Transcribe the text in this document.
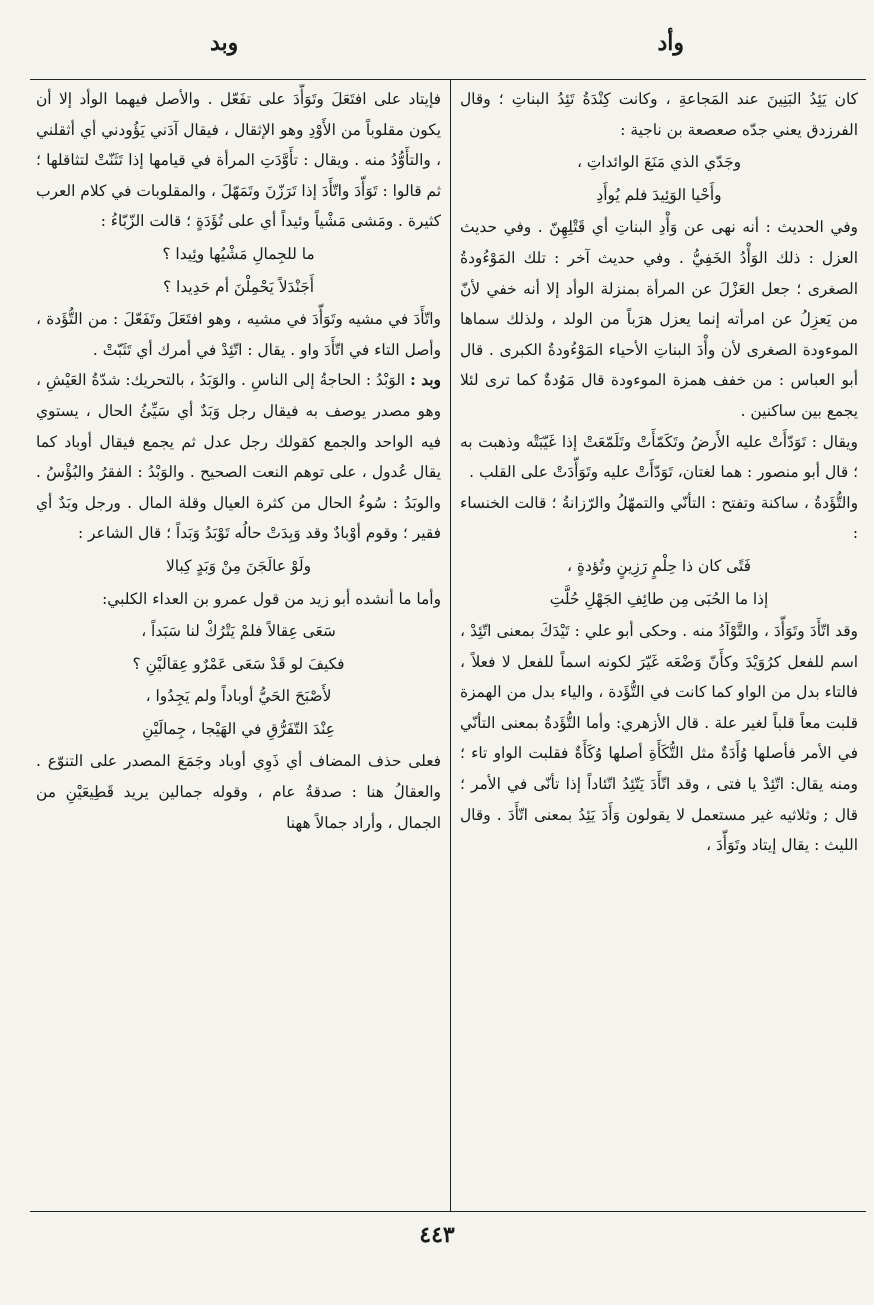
وأد
وبد
كان يَئِدُ البَنِينَ عند المَجاعةِ ، وكانت كِنْدَةُ تَئِدُ البناتِ ؛ وقال الفرزدق يعني جدّه صعصعة بن ناجية :
وجَدّي الذي مَنَعَ الوائداتِ ،
وأَحْيا الوَئِيدَ فلم يُوأَدِ
وفي الحديث : أنه نهى عن وَأْدِ البناتِ أي قَتْلِهِنّ . وفي حديث العزل : ذلك الوَأْدُ الخَفِيُّ . وفي حديث آخر : تلك المَوْءُودةُ الصغرى ؛ جعل العَزْلَ عن المرأة بمنزلة الوأد إلا أنه خفي لأنّ من يَعزِلُ عن امرأته إنما يعزل هرَباً من الولد ، ولذلك سماها الموءودة الصغرى لأن وأْدَ البناتِ الأحياء المَوْءُودةُ الكبرى . قال أبو العباس : من خفف همزة الموءودة قال مَوُدةٌ كما ترى لئلا يجمع بين ساكنين .
ويقال : تَوَدّأَتْ عليه الأَرضُ وتَكَمّأَتْ وتَلَمّعَتْ إذا غَيّبَتْه وذهبت به ؛ قال أبو منصور : هما لغتان، تَوَدّأَتْ عليه وتَوَأّدَتْ على القلب .
والتُّؤَدةُ ، ساكنة وتفتح : التأنّي والتمهّلُ والرّزانةُ ؛ قالت الخنساء :
فَتًى كان ذا حِلْمٍ رَزِينٍ وتُؤدةٍ ،
إذا ما الحُبَى مِن طائِفِ الجَهْلِ حُلَّتِ
وقد اتّأَدَ وتَوَأّدَ ، والتَّوْآدُ منه . وحكى أبو علي : تَيْدَكَ بمعنى اتّئِدْ ، اسم للفعل كرُوَيْدَ وكأَنّ وَضْعَه غَيّرَ لكونه اسماً للفعل لا فعلاً ، فالتاء بدل من الواو كما كانت في التُّؤَدة ، والياء بدل من الهمزة قلبت معاً قلباً لغير علة . قال الأزهري: وأما التُّؤَدةُ بمعنى التأنّي في الأمر فأصلها وُأَدَةٌ مثل التُّكَأَةِ أصلها وُكَأَةٌ فقلبت الواو تاء ؛ ومنه يقال: اتّئِدْ يا فتى ، وقد اتّأَدَ يَتّئِدُ اتّئاداً إذا تأنّى في الأمر ؛ قال ; وثلاثيه غير مستعمل لا يقولون وَأَدَ يَئِدُ بمعنى اتّأَدَ . وقال الليث : يقال إيتاد وتَوَأّدَ ،
فإيتاد على افتَعَلَ وتَوَأّدَ على تفَعّل . والأصل فيهما الوأد إلا أن يكون مقلوباً من الأَوْدِ وهو الإثقال ، فيقال آدَني يَؤُودني أي أثقلني ، والتأَوُّدُ منه . ويقال : تأَوَّدَتِ المرأة في قيامها إذا تَثَنّتْ لتثاقلها ؛ ثم قالوا : تَوَأّدَ واتّأَدَ إذا تَرَزّنَ وتَمَهّلَ ، والمقلوبات في كلام العرب كثيرة . ومَشى مَشْياً وئيداً أي على تُؤَدَةٍ ؛ قالت الزّبّاءُ :
ما للجِمالِ مَشْيُها وئِيدا ؟
أَجَنْدَلاً يَحْمِلْنَ أم حَدِيدا ؟
واتّأَدَ في مشيه وتَوَأّدَ في مشيه ، وهو افتَعَلَ وتَفَعّلَ : من التُّؤَدة ، وأصل التاء في اتّأَدَ واو . يقال : اتّئِدْ في أمرك أي تَثَبّتْ .
وبد : الوَبْدُ : الحاجةُ إلى الناسِ . والوَبَدُ ، بالتحريك: شدّةُ العَيْشِ ، وهو مصدر يوصف به فيقال رجل وَبَدٌ أي سَيِّئُ الحال ، يستوي فيه الواحد والجمع كقولك رجل عدل ثم يجمع فيقال أوباد كما يقال عُدول ، على توهم النعت الصحيح . والوَبْدُ : الفقرُ والبُؤْسُ . والوبَدُ : سُوءُ الحال من كثرة العيال وقلة المال . ورجل وبَدٌ أي فقير ؛ وقوم أوْبادٌ وقد وَبِدَتْ حالُه تَوْبَدُ وَبَداً ؛ قال الشاعر :
ولَوْ عالَجَنَ مِنْ وَبَدٍ كِبالا
وأما ما أنشده أبو زيد من قول عمرو بن العداء الكلبي:
سَعَى عِقالاً فلمْ يَتْرُكْ لنا سَبَداً ،
فكيفَ لو قَدْ سَعَى عَمْرٌو عِقالَيْنِ ؟
لأَصْبَحَ الحَيُّ أوباداً ولم يَجِدُوا ،
عِنْدَ التّفَرُّقِ في الهَيْجا ، جِمالَيْنِ
فعلى حذف المضاف أي ذَوِي أوباد وجَمَعَ المصدر على التنوّع . والعقالُ هنا : صدقةُ عام ، وقوله جمالين يريد قَطِيعَيْنِ من الجمال ، وأراد جمالاً ههنا
٤٤٣
